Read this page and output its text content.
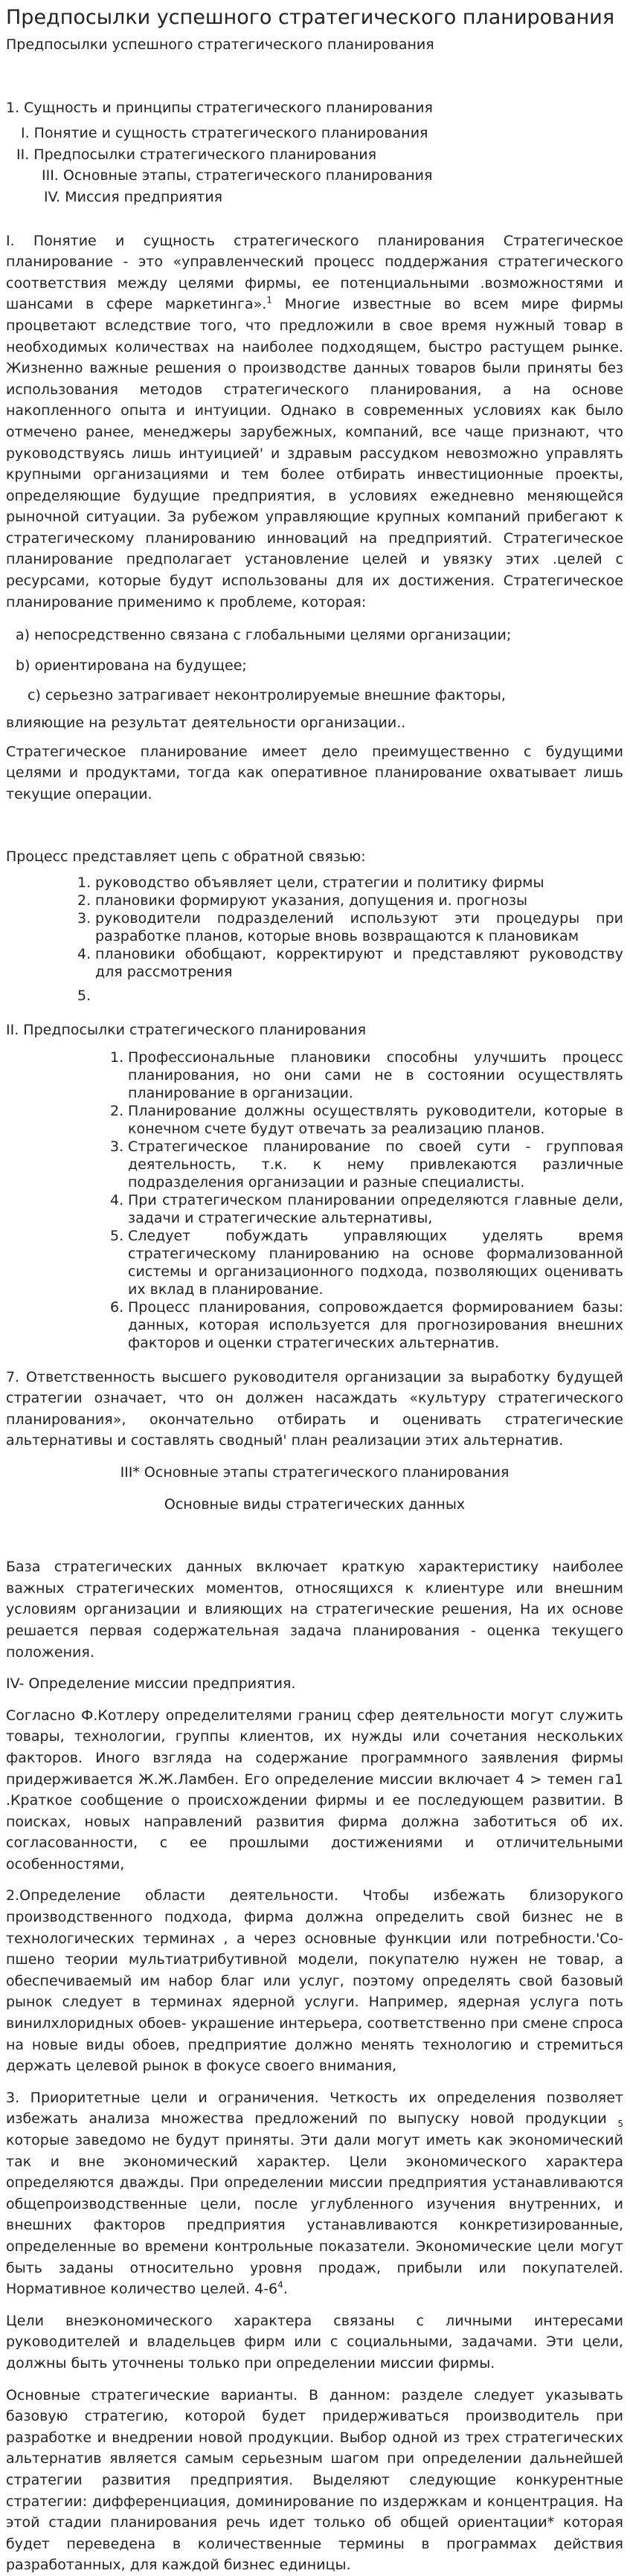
Предпосылки успешного стратегического планирования

Предпосылки успешного стратегического планирования

1. Сущность и принципы стратегического планирования

I. Понятие и сущность стратегического планирования

II. Предпосылки стратегического планирования

III. Основные этапы, стратегического планирования

IV. Миссия предприятия

I. Понятие и сущность стратегического планирования Стратегическое планирование - это «управленческий процесс поддержания стратегического соответствия между целями фирмы, ее потенциальными .возможностями и шансами в сфере маркетинга».$^1$ Многие известные во всем мире фирмы процветают вследствие того, что предложили в свое время нужный товар в необходимых количествах на наиболее подходящем, быстро растущем рынке. Жизненно важные решения о производстве данных товаров были приняты без использования методов стратегического планирования, а на основе накопленного опыта и интуиции. Однако в современных условиях как было отмечено ранее, менеджеры зарубежных, компаний, все чаще признают, что руководствуясь лишь интуицией' и здравым рассудком невозможно управлять крупными организациями и тем более отбирать инвестиционные проекты, определяющие будущие предприятия, в условиях ежедневно меняющейся рыночной ситуации. За рубежом управляющие крупных компаний прибегают к стратегическому планированию инноваций на предприятий. Стратегическое планирование предполагает установление целей и увязку этих .целей с ресурсами, которые будут использованы для их достижения. Стратегическое планирование применимо к проблеме, которая:

а) непосредственно связана с глобальными целями организации;

b) ориентирована на будущее;

с) серьезно затрагивает неконтролируемые внешние факторы,

влияющие на результат деятельности организации..

Стратегическое планирование имеет дело преимущественно с будущими целями и продуктами, тогда как оперативное планирование охватывает лишь текущие операции.

Процесс представляет цепь с обратной связью:

1. руководство объявляет цели, стратегии и политику фирмы
2. плановики формируют указания, допущения и. прогнозы
3. руководители подразделений используют эти процедуры при разработке планов, которые вновь возвращаются к плановикам
4. плановики обобщают, корректируют и представляют руководству для рассмотрения
5.

II. Предпосылки стратегического планирования

1. Профессиональные плановики способны улучшить процесс планирования, но они сами не в состоянии осуществлять планирование в организации.
2. Планирование должны осуществлять руководители, которые в конечном счете будут отвечать за реализацию планов.
3. Стратегическое планирование по своей сути - групповая деятельность, т.к. к нему привлекаются различные подразделения организации и разные специалисты.
4. При стратегическом планировании определяются главные дели, задачи и стратегические альтернативы,
5. Следует побуждать управляющих уделять время стратегическому планированию на основе формализованной системы и организационного подхода, позволяющих оценивать их вклад в планирование.
6. Процесс планирования, сопровождается формированием базы: данных, которая используется для прогнозирования внешних факторов и оценки стратегических альтернатив.

7. Ответственность высшего руководителя организации за выработку будущей стратегии означает, что он должен насаждать «культуру стратегического планирования», окончательно отбирать и оценивать стратегические альтернативы и составлять сводный' план реализации этих альтернатив.

III* Основные этапы стратегического планирования

Основные виды стратегических данных

База стратегических данных включает краткую характеристику наиболее важных стратегических моментов, относящихся к клиентуре или внешним условиям организации и влияющих на стратегические решения, На их основе решается первая содержательная задача планирования - оценка текущего положения.

IV- Определение миссии предприятия.

Согласно Ф.Котлеру определителями границ сфер деятельности могут служить товары, технологии, группы клиентов, их нужды или сочетания нескольких факторов. Иного взгляда на содержание программного заявления фирмы придерживается Ж.Ж.Ламбен. Его определение миссии включает 4 > темен га1 .Краткое сообщение о происхождении фирмы и ее последующем развитии. В поисках, новых направлений развития фирма должна заботиться об их. согласованности, с ее прошлыми достижениями и отличительными особенностями,

2.Определение области деятельности. Чтобы избежать близорукого производственного подхода, фирма должна определить свой бизнес не в технологических терминах , а через основные функции или потребности.'Со-пшено теории мультиатрибутивной модели, покупателю нужен не товар, а обеспечиваемый им набор благ или услуг, поэтому определять свой базовый рынок следует в терминах ядерной услуги. Например, ядерная услуга поть винилхлоридных обоев- украшение интерьера, соответственно при смене спроса на новые виды обоев, предприятие должно менять технологию и стремиться держать целевой рынок в фокусе своего внимания,

3. Приоритетные цели и ограничения. Четкость их определения позволяет избежать анализа множества предложений по выпуску новой продукции $_5$ которые заведомо не будут приняты. Эти дали могут иметь как экономический так и вне экономический характер. Цели экономического характера определяются дважды. При определении миссии предприятия устанавливаются общепроизводственные цели, после углубленного изучения внутренних, и внешних факторов предприятия устанавливаются конкретизированные, определенные во времени контрольные показатели. Экономические цели могут быть заданы относительно уровня продаж, прибыли или покупателей. Нормативное количество целей. $4-6^4$.

Цели внеэкономического характера связаны с личными интересами руководителей и владельцев фирм или с социальными, задачами. Эти цели, должны быть уточнены только при определении миссии фирмы.

Основные стратегические варианты. В данном: разделе следует указывать базовую стратегию, которой будет придерживаться производитель при разработке и внедрении новой продукции. Выбор одной из трех стратегических альтернатив является самым серьезным шагом при определении дальнейшей стратегии развития предприятия. Выделяют следующие конкурентные стратегии: дифференциация, доминирование по издержкам и концентрация. На этой стадии планирования речь идет только об общей ориентации* которая будет переведена в количественные термины в программах действия разработанных, для каждой бизнес единицы.
